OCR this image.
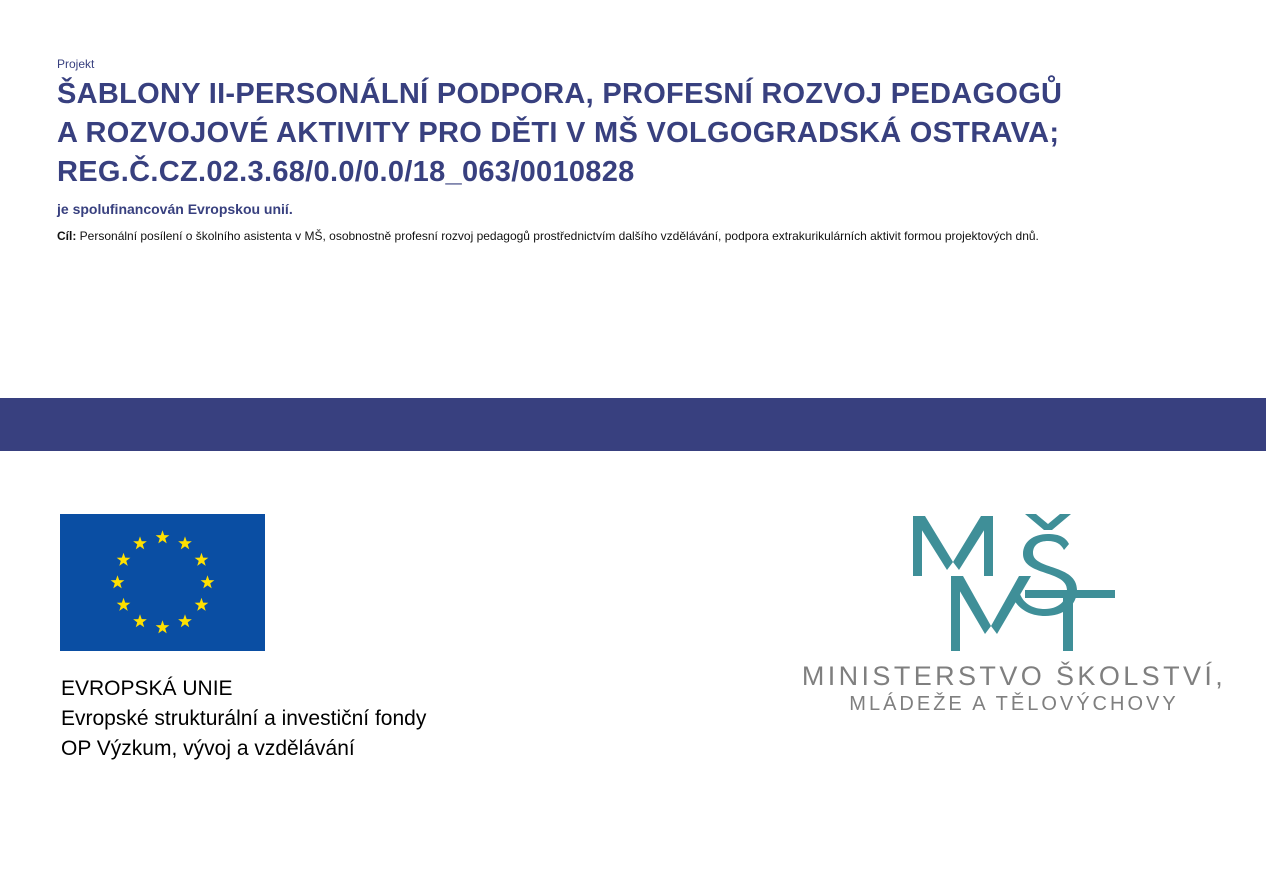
Projekt

ŠABLONY II-PERSONÁLNÍ PODPORA, PROFESNÍ ROZVOJ PEDAGOGŮ
A ROZVOJOVÉ AKTIVITY PRO DĚTI V MŠ VOLGOGRADSKÁ OSTRAVA;
REG.Č.CZ.02.3.68/0.0/0.0/18_063/0010828

je spolufinancován Evropskou unií.

Cíl: Personální posílení o školního asistenta v MŠ, osobnostně profesní rozvoj pedagogů prostřednictvím dalšího vzdělávání, podpora extrakurikulárních aktivit formou projektových dnů.

EVROPSKÁ UNIE
Evropské strukturální a investiční fondy
OP Výzkum, vývoj a vzdělávání
MINISTERSTVO ŠKOLSTVÍ,
MLÁDEŽE A TĚLOVÝCHOVY
